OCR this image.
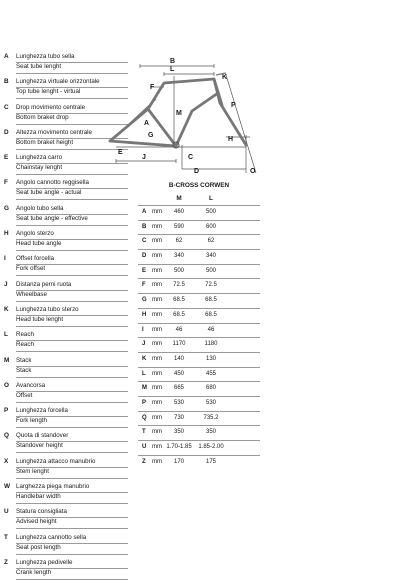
A	Lunghezza tubo sella
Seat tube lenght
B	Lunghezza virtuale orizzontale
Top tube lenght - virtual
C	Drop movimento centrale
Bottom braket drop
D	Altezza movimento centrale
Bottom braket height
E	Lunghezza carro
Chainstay lenght
F	Angolo cannotto reggisella
Seat tube angle - actual
G	Angolo tubo sella
Seat tube angle - effective
H	Angolo sterzo
Head tube angle
I	Offset forcella
Fork offset
J	Distanza perni ruota
Wheelbase
K	Lunghezza tubo sterzo
Head tube lenght
L	Reach
Reach
M	Stack
Stack
O	Avancorsa
Offset
P	Lunghezza forcella
Fork length
Q	Quota di standover
Standover height
X	Lunghezza attacco manubrio
Stem lenght
W Larghezza piega manubrio
Handlebar width
U	Statura consigliata
Advised height
T	Lunghezza cannotto sella
Seat post length
Z	Lunghezza pedivelle
Crank length
B
L
K
F
P
M
A
G
H
C
J
E
D	O
B-CROSS CORWEN
M	L
A mm	460	500
B mm	590	600
C mm	62	62
D mm	340	340
E mm	500	500
F mm	72.5	72.5
G mm	68.5	68.5
H mm	68.5	68.5
I mm	46	46
J mm	1170	1180
K mm	140	130
L mm	450	455
M mm	665	680
P mm	530	530
Q mm	730	735.2
T mm	350	350
U mm 1.70-1.85	1.85-2.00
Z mm	170	175
